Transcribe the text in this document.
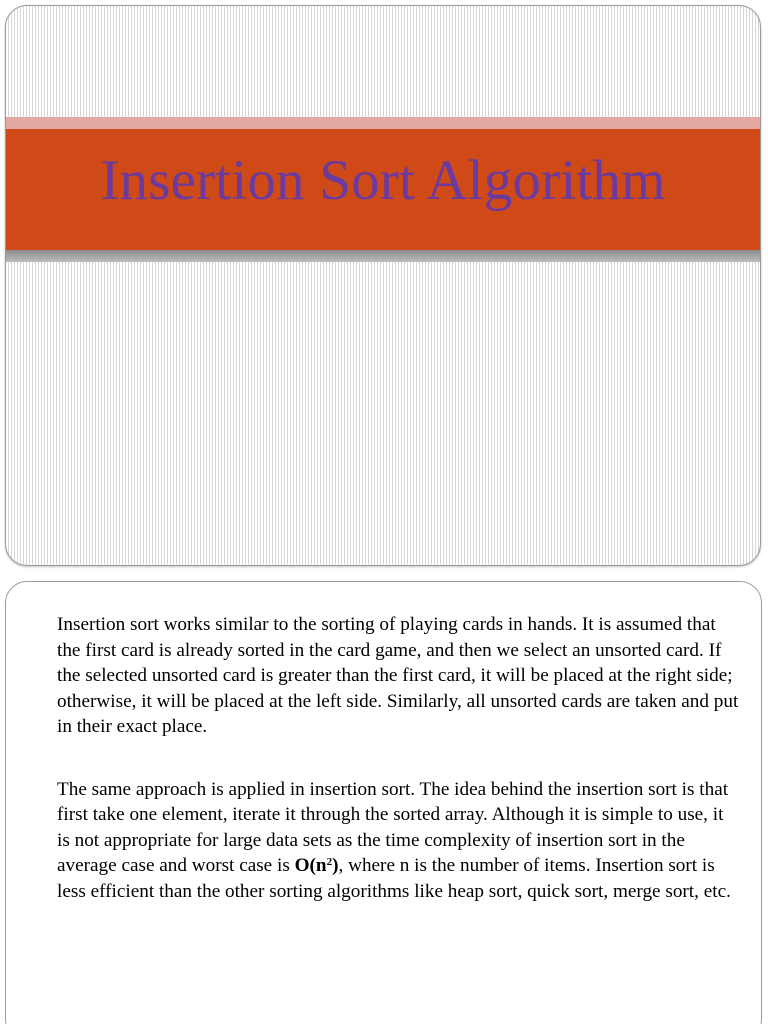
Insertion Sort Algorithm

Insertion sort works similar to the sorting of playing cards in hands. It is assumed that the first card is already sorted in the card game, and then we select an unsorted card. If the selected unsorted card is greater than the first card, it will be placed at the right side; otherwise, it will be placed at the left side. Similarly, all unsorted cards are taken and put in their exact place.

The same approach is applied in insertion sort. The idea behind the insertion sort is that first take one element, iterate it through the sorted array. Although it is simple to use, it is not appropriate for large data sets as the time complexity of insertion sort in the average case and worst case is $O(n^2)$, where n is the number of items. Insertion sort is less efficient than the other sorting algorithms like heap sort, quick sort, merge sort, etc.
